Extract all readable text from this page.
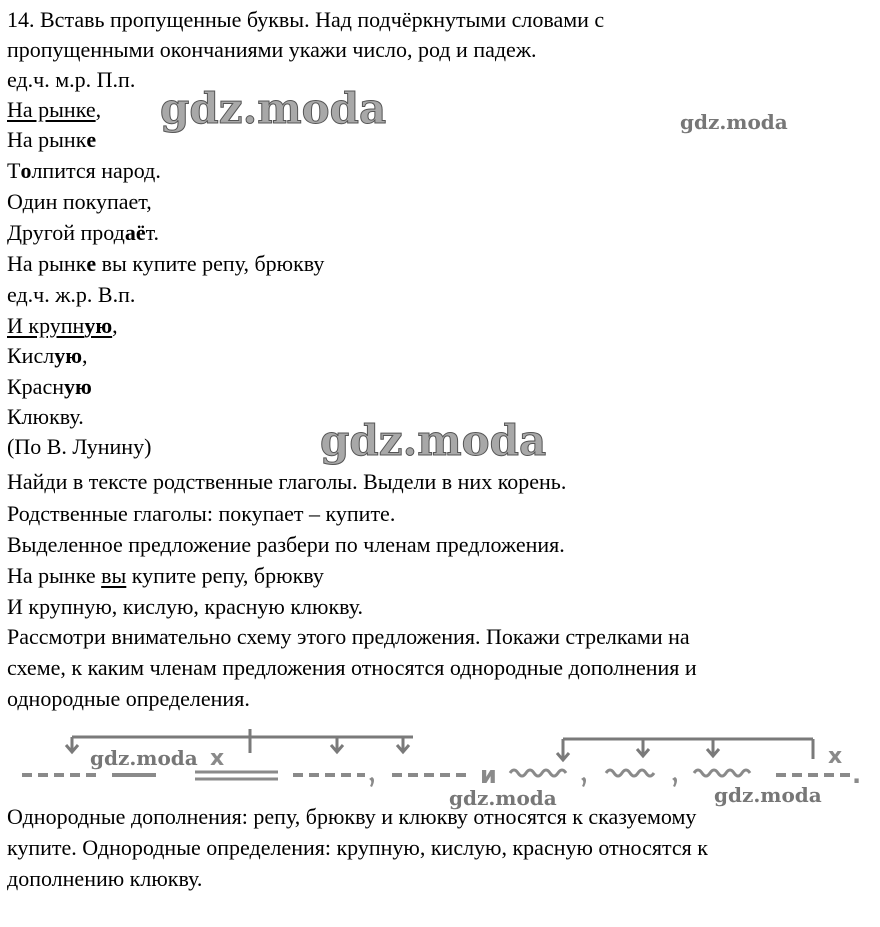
14. Вставь пропущенные буквы. Над подчёркнутыми словами с
пропущенными окончаниями укажи число, род и падеж.
ед.ч. м.р. П.п.
На рынке,
На рынке
Толпится народ.
Один покупает,
Другой продаёт.
На рынке вы купите репу, брюкву
ед.ч. ж.р. В.п.
И крупную,
Кислую,
Красную
Клюкву.
(По В. Лунину)
Найди в тексте родственные глаголы. Выдели в них корень.
Родственные глаголы: покупает – купите.
Выделенное предложение разбери по членам предложения.
На рынке вы купите репу, брюкву
И крупную, кислую, красную клюкву.
Рассмотри внимательно схему этого предложения. Покажи стрелками на
схеме, к каким членам предложения относятся однородные дополнения и
однородные определения.
и
x	x
.
Однородные дополнения: репу, брюкву и клюкву относятся к сказуемому
купите. Однородные определения: крупную, кислую, красную относятся к
дополнению клюкву.
gdz.moda	gdz.moda
gdz.moda
gdz.moda
gdz.moda	gdz.moda
